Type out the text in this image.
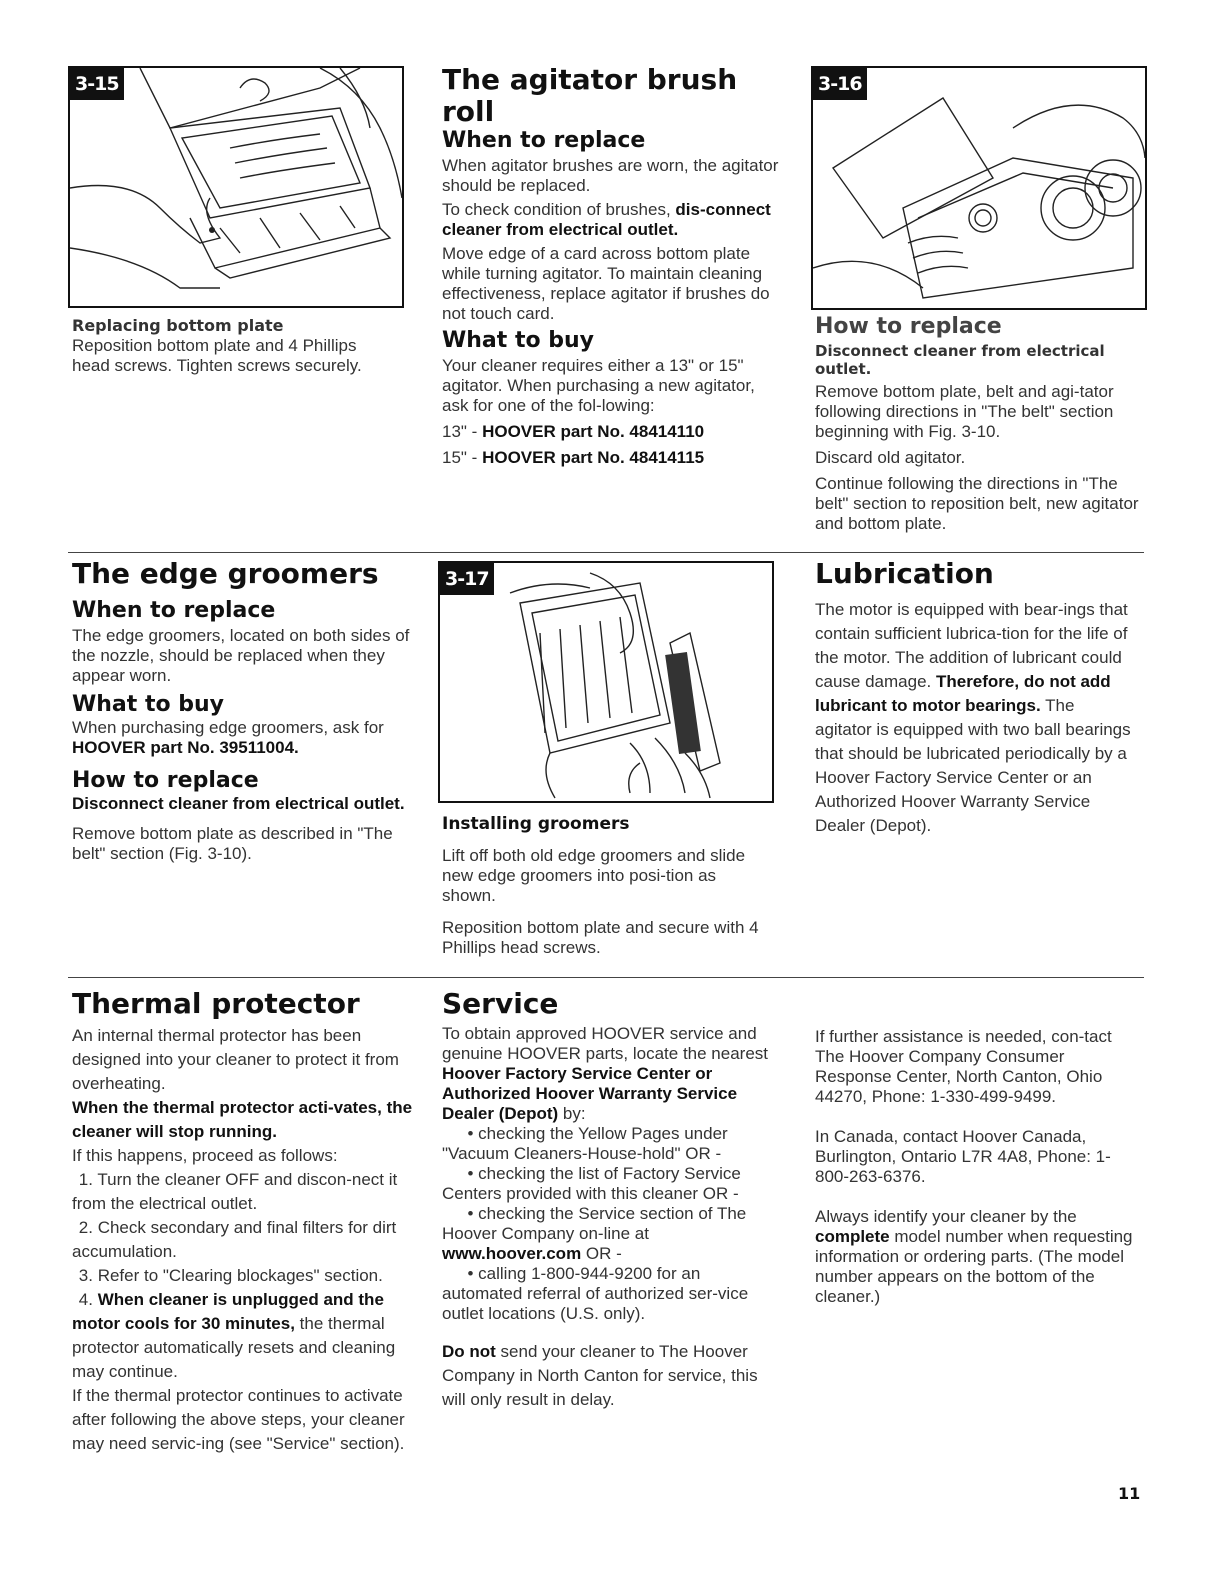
3-15

Replacing bottom plate

Reposition bottom plate and 4 Phillips head screws. Tighten screws securely.

The agitator brush roll

When to replace

When agitator brushes are worn, the agitator should be replaced.

To check condition of brushes, dis-connect cleaner from electrical outlet.

Move edge of a card across bottom plate while turning agitator. To maintain cleaning effectiveness, replace agitator if brushes do not touch card.

What to buy

Your cleaner requires either a 13" or 15" agitator. When purchasing a new agitator, ask for one of the fol-lowing:

13" - HOOVER part No. 48414110

15" - HOOVER part No. 48414115

3-16

How to replace

Disconnect cleaner from electrical outlet.

Remove bottom plate, belt and agi-tator following directions in "The belt" section beginning with Fig. 3-10.

Discard old agitator.

Continue following the directions in "The belt" section to reposition belt, new agitator and bottom plate.

The edge groomers

When to replace

The edge groomers, located on both sides of the nozzle, should be replaced when they appear worn.

What to buy

When purchasing edge groomers, ask for HOOVER part No. 39511004.

How to replace

Disconnect cleaner from electrical outlet.

Remove bottom plate as described in "The belt" section (Fig. 3-10).

3-17

Installing groomers

Lift off both old edge groomers and slide new edge groomers into posi-tion as shown.

Reposition bottom plate and secure with 4 Phillips head screws.

Lubrication

The motor is equipped with bear-ings that contain sufficient lubrica-tion for the life of the motor. The addition of lubricant could cause damage. Therefore, do not add lubricant to motor bearings. The agitator is equipped with two ball bearings that should be lubricated periodically by a Hoover Factory Service Center or an Authorized Hoover Warranty Service Dealer (Depot).

Thermal protector

An internal thermal protector has been designed into your cleaner to protect it from overheating.

When the thermal protector acti-vates, the cleaner will stop running.

If this happens, proceed as follows:

1. Turn the cleaner OFF and discon-nect it from the electrical outlet.

2. Check secondary and final filters for dirt accumulation.

3. Refer to "Clearing blockages" section.

4. When cleaner is unplugged and the motor cools for 30 minutes, the thermal protector automatically resets and cleaning may continue.

If the thermal protector continues to activate after following the above steps, your cleaner may need servic-ing (see "Service" section).

Service

To obtain approved HOOVER service and genuine HOOVER parts, locate the nearest Hoover Factory Service Center or Authorized Hoover Warranty Service Dealer (Depot) by:

• checking the Yellow Pages under "Vacuum Cleaners-House-hold" OR -

• checking the list of Factory Service Centers provided with this cleaner OR -

• checking the Service section of The Hoover Company on-line at www.hoover.com OR -

• calling 1-800-944-9200 for an automated referral of authorized ser-vice outlet locations (U.S. only).

Do not send your cleaner to The Hoover Company in North Canton for service, this will only result in delay.

If further assistance is needed, con-tact The Hoover Company Consumer Response Center, North Canton, Ohio 44270, Phone: 1-330-499-9499.

In Canada, contact Hoover Canada, Burlington, Ontario L7R 4A8, Phone: 1-800-263-6376.

Always identify your cleaner by the complete model number when requesting information or ordering parts. (The model number appears on the bottom of the cleaner.)

11
